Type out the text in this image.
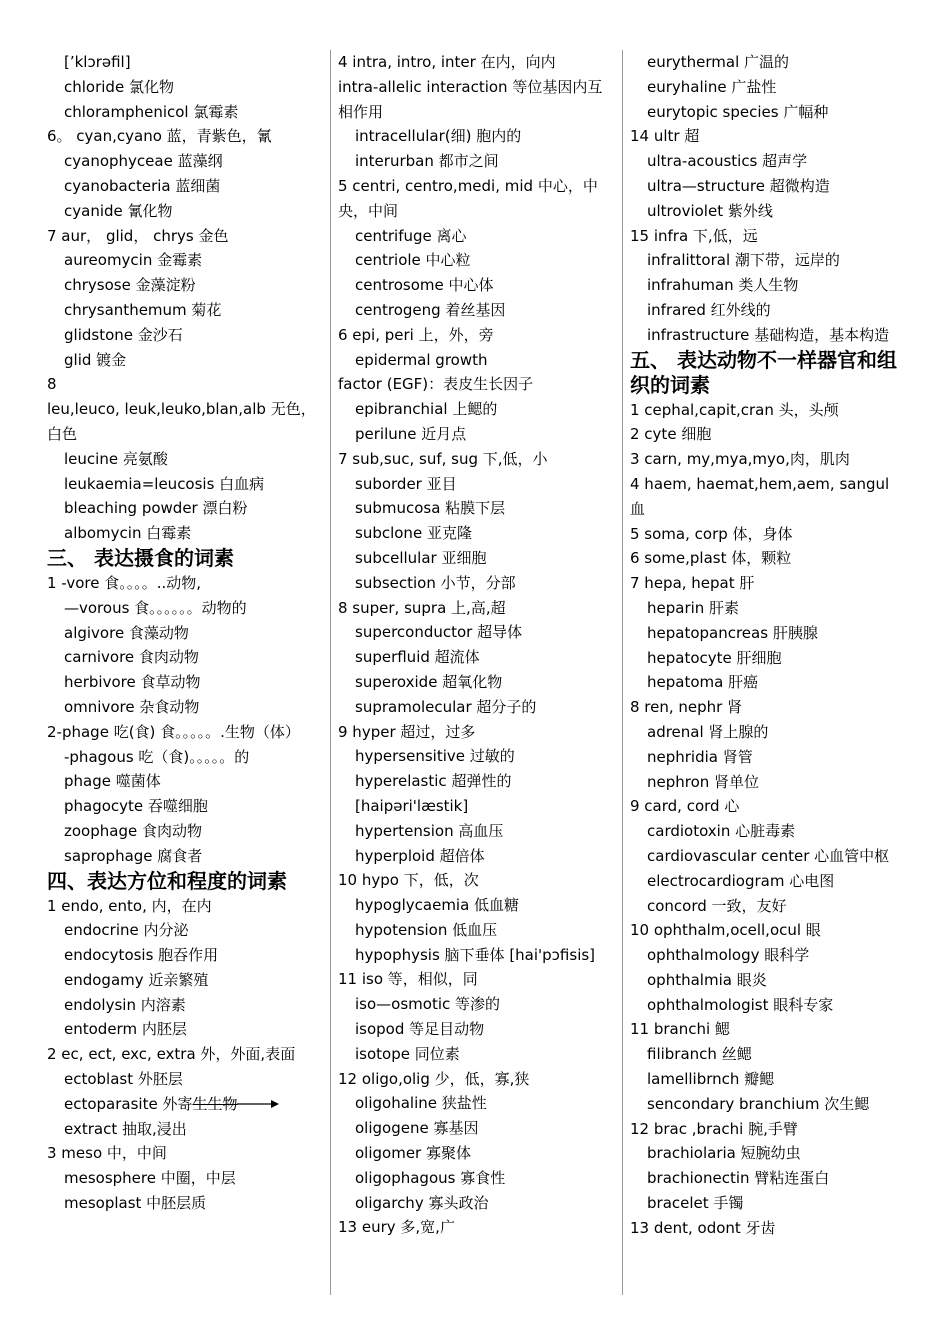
[’klɔrəfil]
chloride 氯化物
chloramphenicol 氯霉素
6。 cyan,cyano 蓝，青紫色，氰
cyanophyceae 蓝藻纲
cyanobacteria 蓝细菌
cyanide 氰化物
7 aur， glid， chrys 金色
aureomycin 金霉素
chrysose 金藻淀粉
chrysanthemum 菊花
glidstone 金沙石
glid 镀金
8
leu,leuco, leuk,leuko,blan,alb 无色，白色
leucine 亮氨酸
leukaemia=leucosis 白血病
bleaching powder 漂白粉
albomycin 白霉素
三、 表达摄食的词素
1 -vore 食。。。。..动物,
—vorous 食。。。。。。动物的
algivore 食藻动物
carnivore 食肉动物
herbivore 食草动物
omnivore 杂食动物
2-phage 吃(食) 食。。。。。.生物（体）
-phagous 吃（食)。。。。。的
phage 噬菌体
phagocyte 吞噬细胞
zoophage 食肉动物
saprophage 腐食者
四、表达方位和程度的词素
1 endo, ento, 内，在内
endocrine 内分泌
endocytosis 胞吞作用
endogamy 近亲繁殖
endolysin 内溶素
entoderm 内胚层
2 ec, ect, exc, extra 外，外面,表面
ectoblast 外胚层
ectoparasite 外寄生生物
extract 抽取,浸出
3 meso 中，中间
mesosphere 中圈，中层
mesoplast 中胚层质
4 intra, intro, inter 在内，向内
intra-allelic interaction 等位基因内互相作用
intracellular(细) 胞内的
interurban 都市之间
5 centri, centro,medi, mid 中心，中央，中间
centrifuge 离心
centriole 中心粒
centrosome 中心体
centrogeng 着丝基因
6 epi, peri 上，外，旁
epidermal growth
factor (EGF)：表皮生长因子
epibranchial 上鳃的
perilune 近月点
7 sub,suc, suf, sug 下,低，小
suborder 亚目
submucosa 粘膜下层
subclone 亚克隆
subcellular 亚细胞
subsection 小节，分部
8 super, supra 上,高,超
superconductor 超导体
superfluid 超流体
superoxide 超氧化物
supramolecular 超分子的
9 hyper 超过，过多
hypersensitive 过敏的
hyperelastic 超弹性的
[haipəri'læstik]
hypertension 高血压
hyperploid 超倍体
10 hypo 下，低，次
hypoglycaemia 低血糖
hypotension 低血压
hypophysis 脑下垂体 [hai'pɔfisis]
11 iso 等，相似，同
iso—osmotic 等渗的
isopod 等足目动物
isotope 同位素
12 oligo,olig 少，低，寡,狭
oligohaline 狭盐性
oligogene 寡基因
oligomer 寡聚体
oligophagous 寡食性
oligarchy 寡头政治
13 eury 多,宽,广
eurythermal 广温的
euryhaline 广盐性
eurytopic species 广幅种
14 ultr 超
ultra-acoustics 超声学
ultra—structure 超微构造
ultroviolet 紫外线
15 infra 下,低，远
infralittoral 潮下带，远岸的
infrahuman 类人生物
infrared 红外线的
infrastructure 基础构造，基本构造
五、 表达动物不一样器官和组织的词素
1 cephal,capit,cran 头，头颅
2 cyte 细胞
3 carn, my,mya,myo,肉，肌肉
4 haem, haemat,hem,aem, sangul 血
5 soma, corp 体，身体
6 some,plast 体，颗粒
7 hepa, hepat 肝
heparin 肝素
hepatopancreas 肝胰腺
hepatocyte 肝细胞
hepatoma 肝癌
8 ren, nephr 肾
adrenal 肾上腺的
nephridia 肾管
nephron 肾单位
9 card, cord 心
cardiotoxin 心脏毒素
cardiovascular center 心血管中枢
electrocardiogram 心电图
concord 一致，友好
10 ophthalm,ocell,ocul 眼
ophthalmology 眼科学
ophthalmia 眼炎
ophthalmologist 眼科专家
11 branchi 鳃
filibranch 丝鳃
lamellibrnch 瓣鳃
sencondary branchium 次生鳃
12 brac ,brachi 腕,手臂
brachiolaria 短腕幼虫
brachionectin 臂粘连蛋白
bracelet 手镯
13 dent, odont 牙齿
